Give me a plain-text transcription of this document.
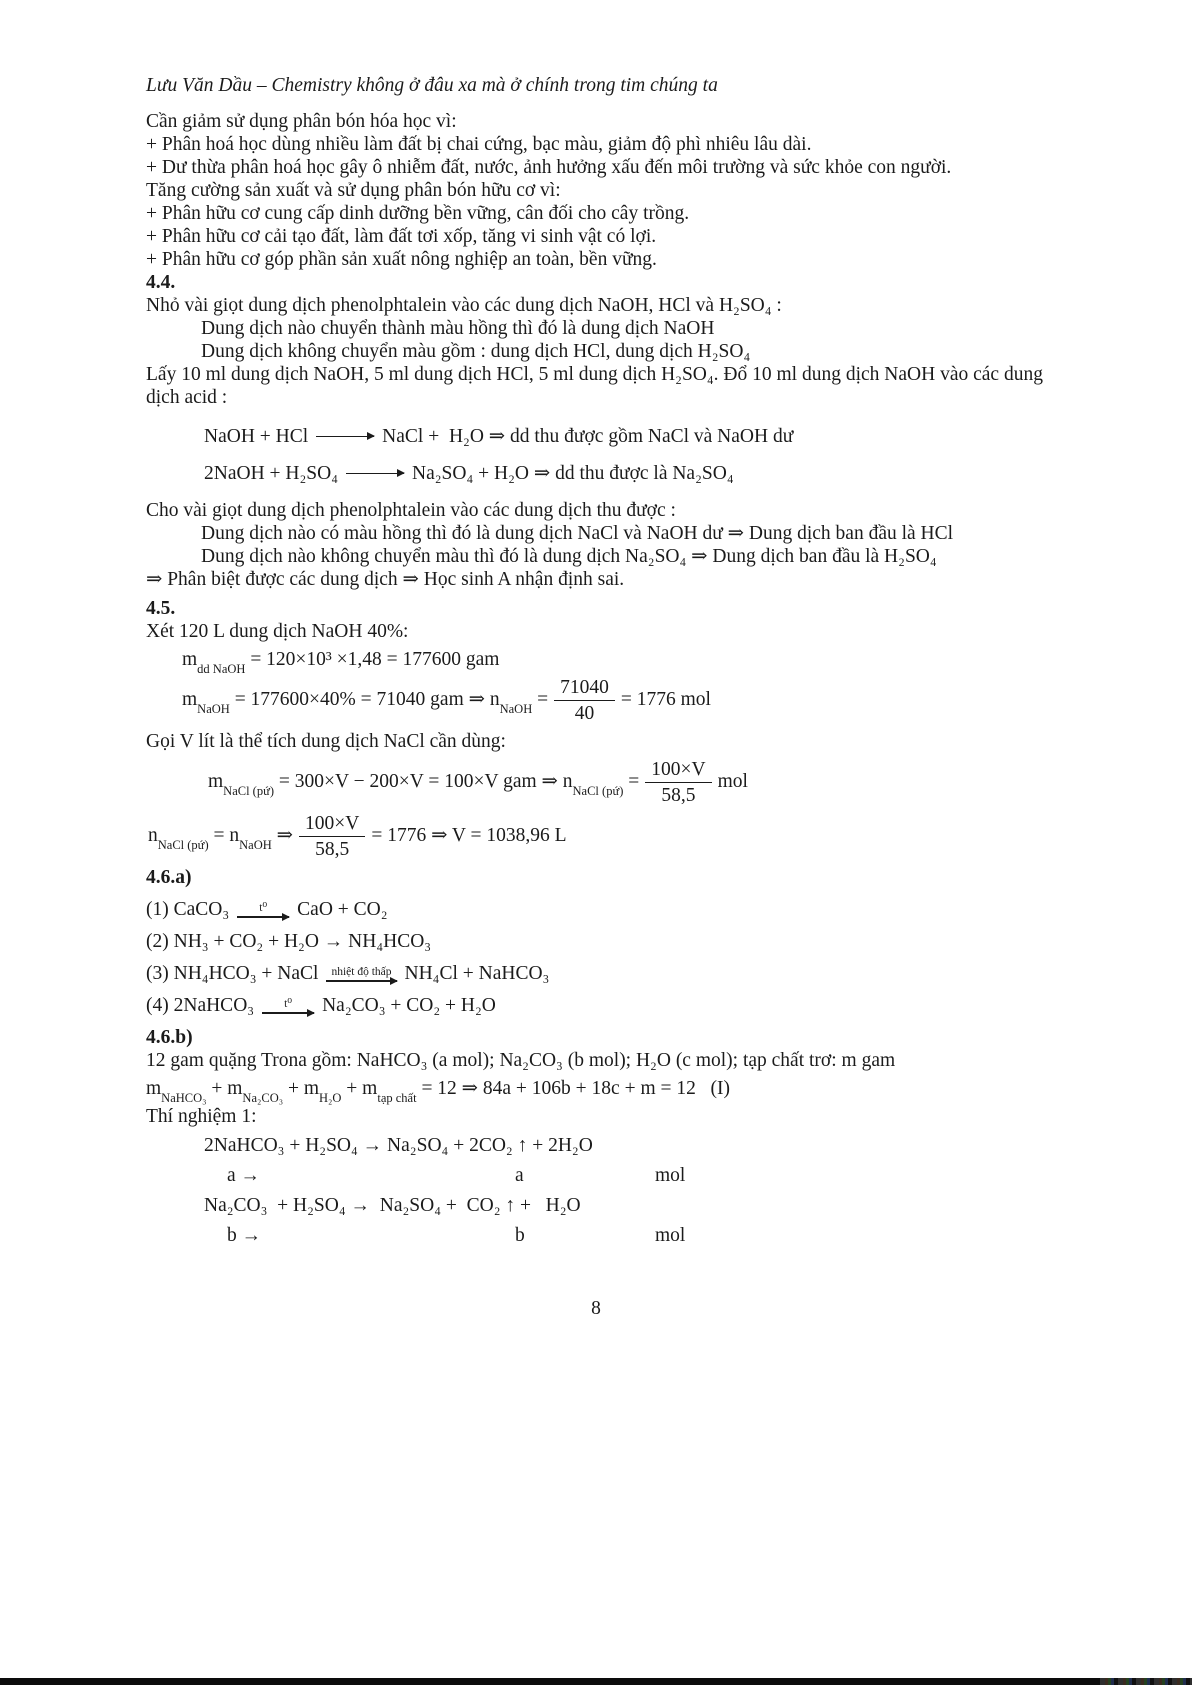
Lưu Văn Dầu – Chemistry không ở đâu xa mà ở chính trong tim chúng ta

Cần giảm sử dụng phân bón hóa học vì:

+ Phân hoá học dùng nhiều làm đất bị chai cứng, bạc màu, giảm độ phì nhiêu lâu dài.

+ Dư thừa phân hoá học gây ô nhiễm đất, nước, ảnh hưởng xấu đến môi trường và sức khỏe con người.

Tăng cường sản xuất và sử dụng phân bón hữu cơ vì:

+ Phân hữu cơ cung cấp dinh dưỡng bền vững, cân đối cho cây trồng.

+ Phân hữu cơ cải tạo đất, làm đất tơi xốp, tăng vi sinh vật có lợi.

+ Phân hữu cơ góp phần sản xuất nông nghiệp an toàn, bền vững.

4.4.

Nhỏ vài giọt dung dịch phenolphtalein vào các dung dịch NaOH, HCl và H₂SO₄ :

Dung dịch nào chuyển thành màu hồng thì đó là dung dịch NaOH

Dung dịch không chuyển màu gồm : dung dịch HCl, dung dịch H₂SO₄

Lấy 10 ml dung dịch NaOH, 5 ml dung dịch HCl, 5 ml dung dịch H₂SO₄. Đổ 10 ml dung dịch NaOH vào các dung dịch acid :

NaOH + HCl → NaCl +  H₂O ⇒ dd thu được gồm NaCl và NaOH dư

2NaOH + H₂SO₄ → Na₂SO₄ + H₂O ⇒ dd thu được là Na₂SO₄

Cho vài giọt dung dịch phenolphtalein vào các dung dịch thu được :

Dung dịch nào có màu hồng thì đó là dung dịch NaCl và NaOH dư ⇒ Dung dịch ban đầu là HCl

Dung dịch nào không chuyển màu thì đó là dung dịch Na₂SO₄ ⇒ Dung dịch ban đầu là H₂SO₄

⇒ Phân biệt được các dung dịch ⇒ Học sinh A nhận định sai.

4.5.

Xét 120 L dung dịch NaOH 40%:

$m_{dd NaOH} = 120\times 10^3 \times 1,48 = 177600$ gam

$m_{NaOH} = 177600\times 40\% = 71040$ gam ⇒ $n_{NaOH} = \frac{71040}{40} = 1776$ mol

Gọi V lít là thể tích dung dịch NaCl cần dùng:

$m_{NaCl (pứ)} = 300\times V - 200\times V = 100\times V$ gam ⇒ $n_{NaCl (pứ)} = \frac{100\times V}{58,5}$ mol

$n_{NaCl (pứ)} = n_{NaOH}$ ⇒ $\frac{100\times V}{58,5} = 1776$ ⇒ V = 1038,96 L

4.6.a)

(1) CaCO₃	t⁰ CaO + CO₂

(2) NH₃ + CO₂ + H₂O → NH₄HCO₃

(3) NH₄HCO₃ + NaCl	nhiệt độ thấp NH₄Cl + NaHCO₃

(4) 2NaHCO₃	t⁰ Na₂CO₃ + CO₂ + H₂O

4.6.b)

12 gam quặng Trona gồm: NaHCO₃ (a mol); Na₂CO₃ (b mol); H₂O (c mol); tạp chất trơ: m gam

$m_{NaHCO_3} + m_{Na_2CO_3} + m_{H_2O} + m_{tạp chất} = 12$ ⇒ 84a + 106b + 18c + m = 12   (I)

Thí nghiệm 1:

2NaHCO₃ + H₂SO₄ → Na₂SO₄ + 2CO₂ ↑ + 2H₂O

a →	a	mol

Na₂CO₃  + H₂SO₄ →  Na₂SO₄ +  CO₂ ↑ +   H₂O

b →	b	mol

8
